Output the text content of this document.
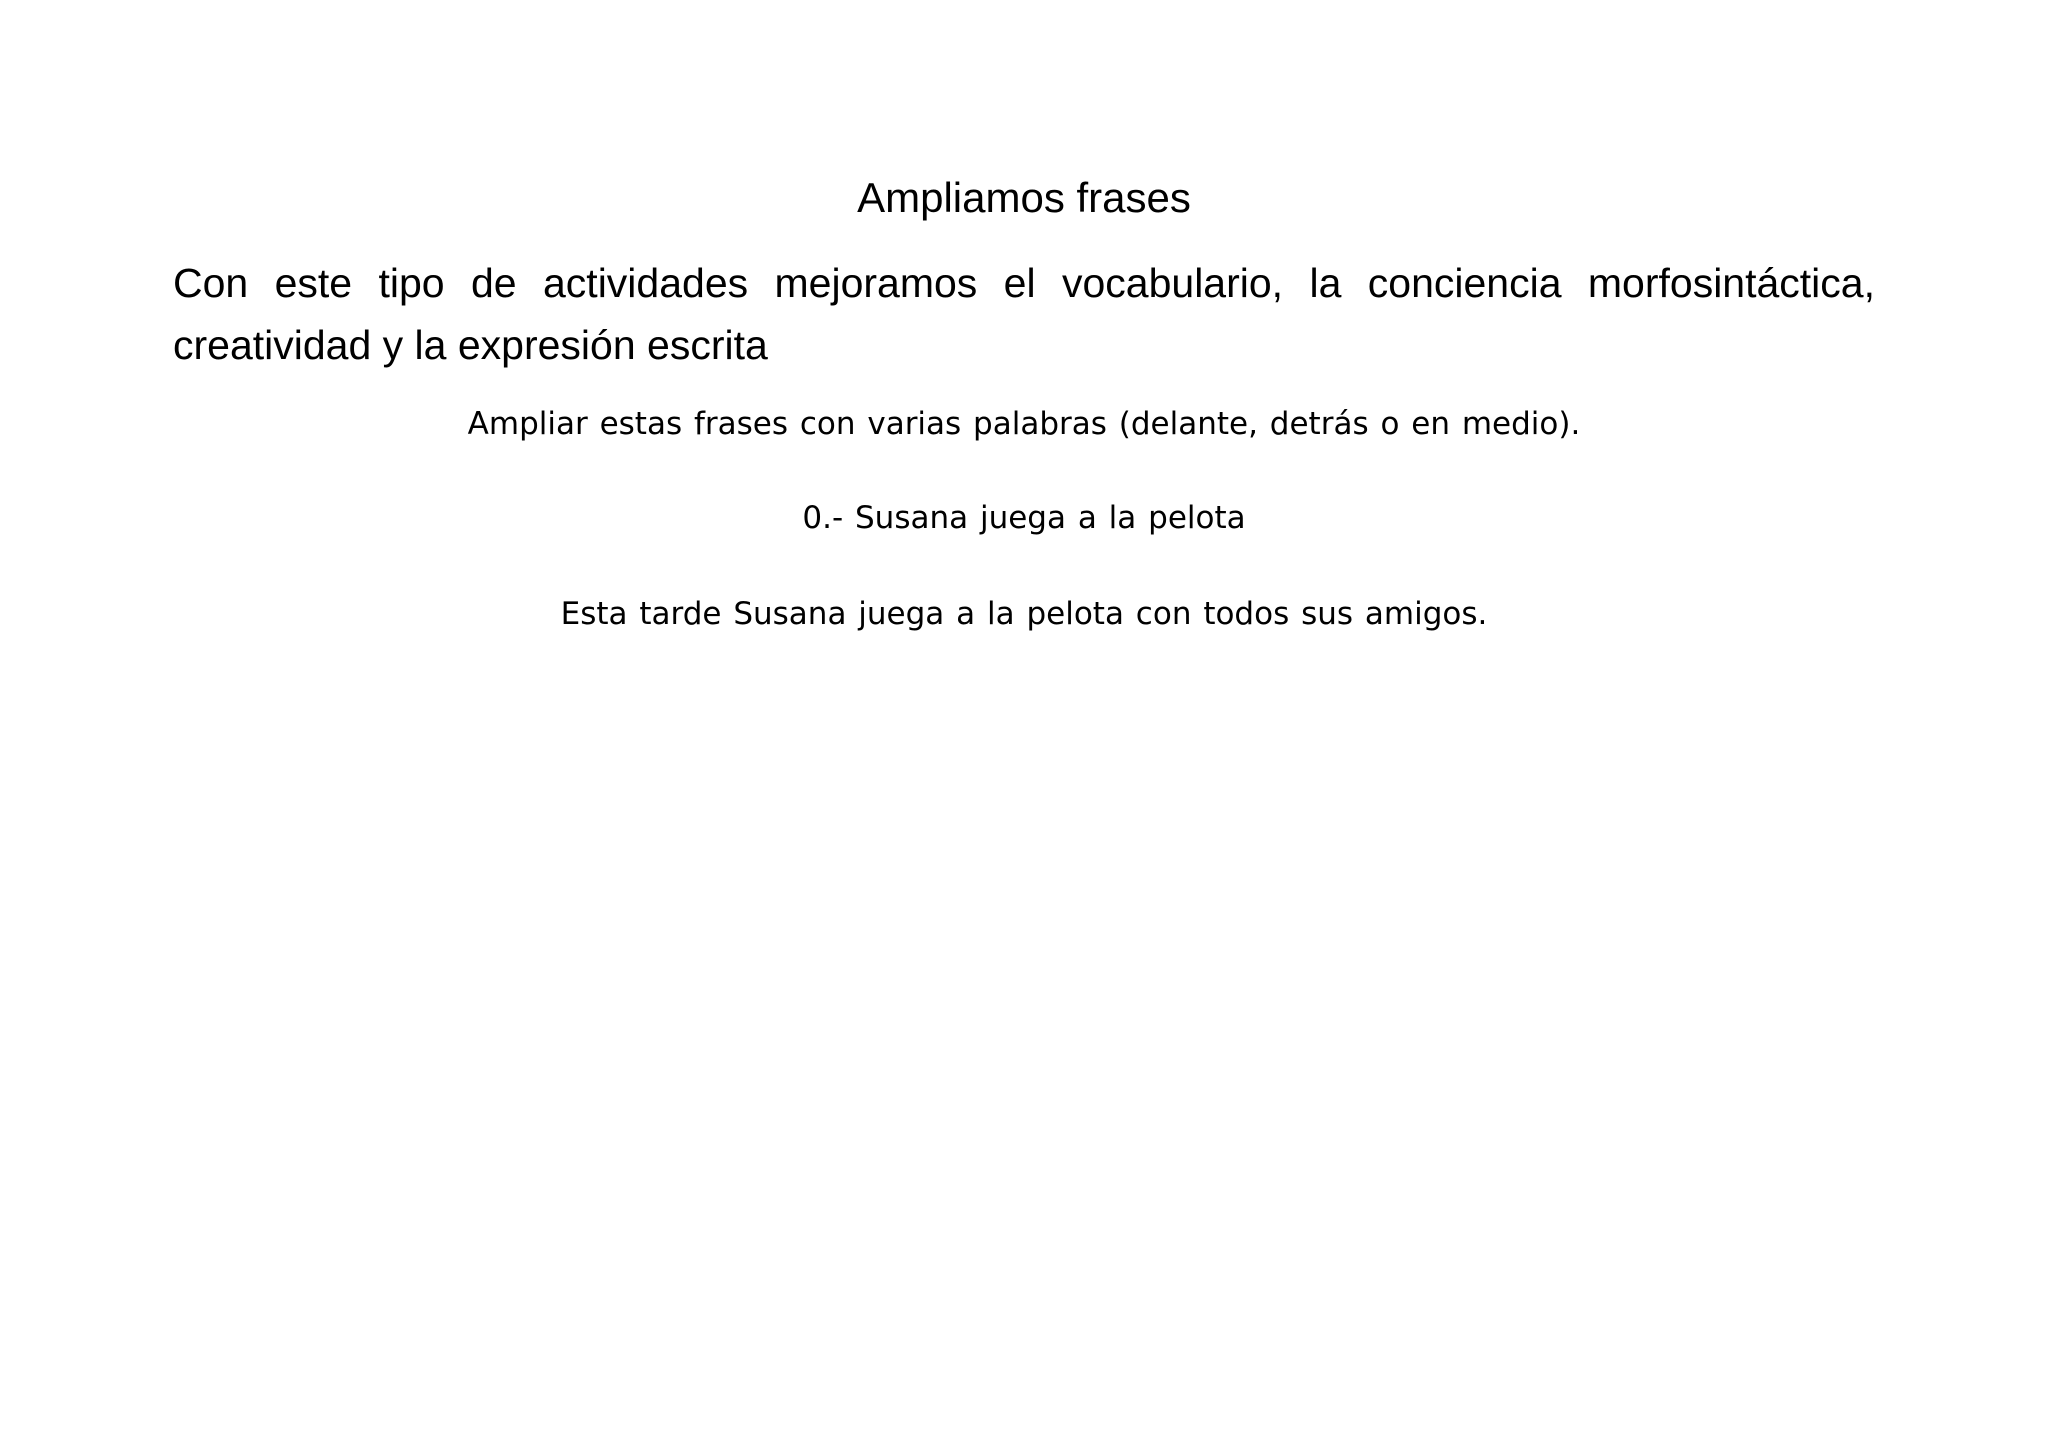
Ampliamos frases

Con este tipo de actividades mejoramos el vocabulario, la conciencia morfosintáctica, creatividad y la expresión escrita

Ampliar estas frases con varias palabras (delante, detrás o en medio).

0.- Susana juega a la pelota

Esta tarde Susana juega a la pelota con todos sus amigos.
